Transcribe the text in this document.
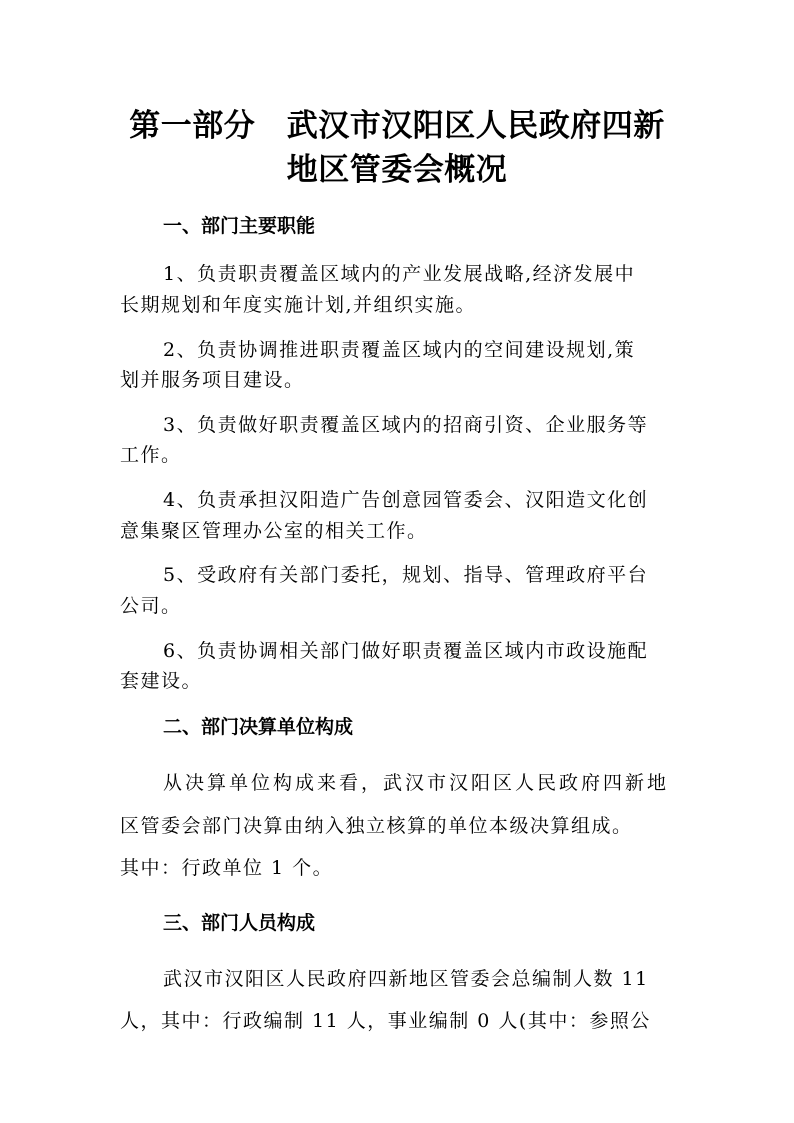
第一部分　武汉市汉阳区人民政府四新
地区管委会概况
一、部门主要职能
1、负责职责覆盖区域内的产业发展战略,经济发展中
长期规划和年度实施计划,并组织实施。
2、负责协调推进职责覆盖区域内的空间建设规划,策
划并服务项目建设。
3、负责做好职责覆盖区域内的招商引资、企业服务等
工作。
4、负责承担汉阳造广告创意园管委会、汉阳造文化创
意集聚区管理办公室的相关工作。
5、受政府有关部门委托，规划、指导、管理政府平台
公司。
6、负责协调相关部门做好职责覆盖区域内市政设施配
套建设。
二、部门决算单位构成
从决算单位构成来看，武汉市汉阳区人民政府四新地
区管委会部门决算由纳入独立核算的单位本级决算组成。
其中：行政单位 1 个。
三、部门人员构成
武汉市汉阳区人民政府四新地区管委会总编制人数 11
人，其中：行政编制 11 人，事业编制 0 人(其中：参照公
